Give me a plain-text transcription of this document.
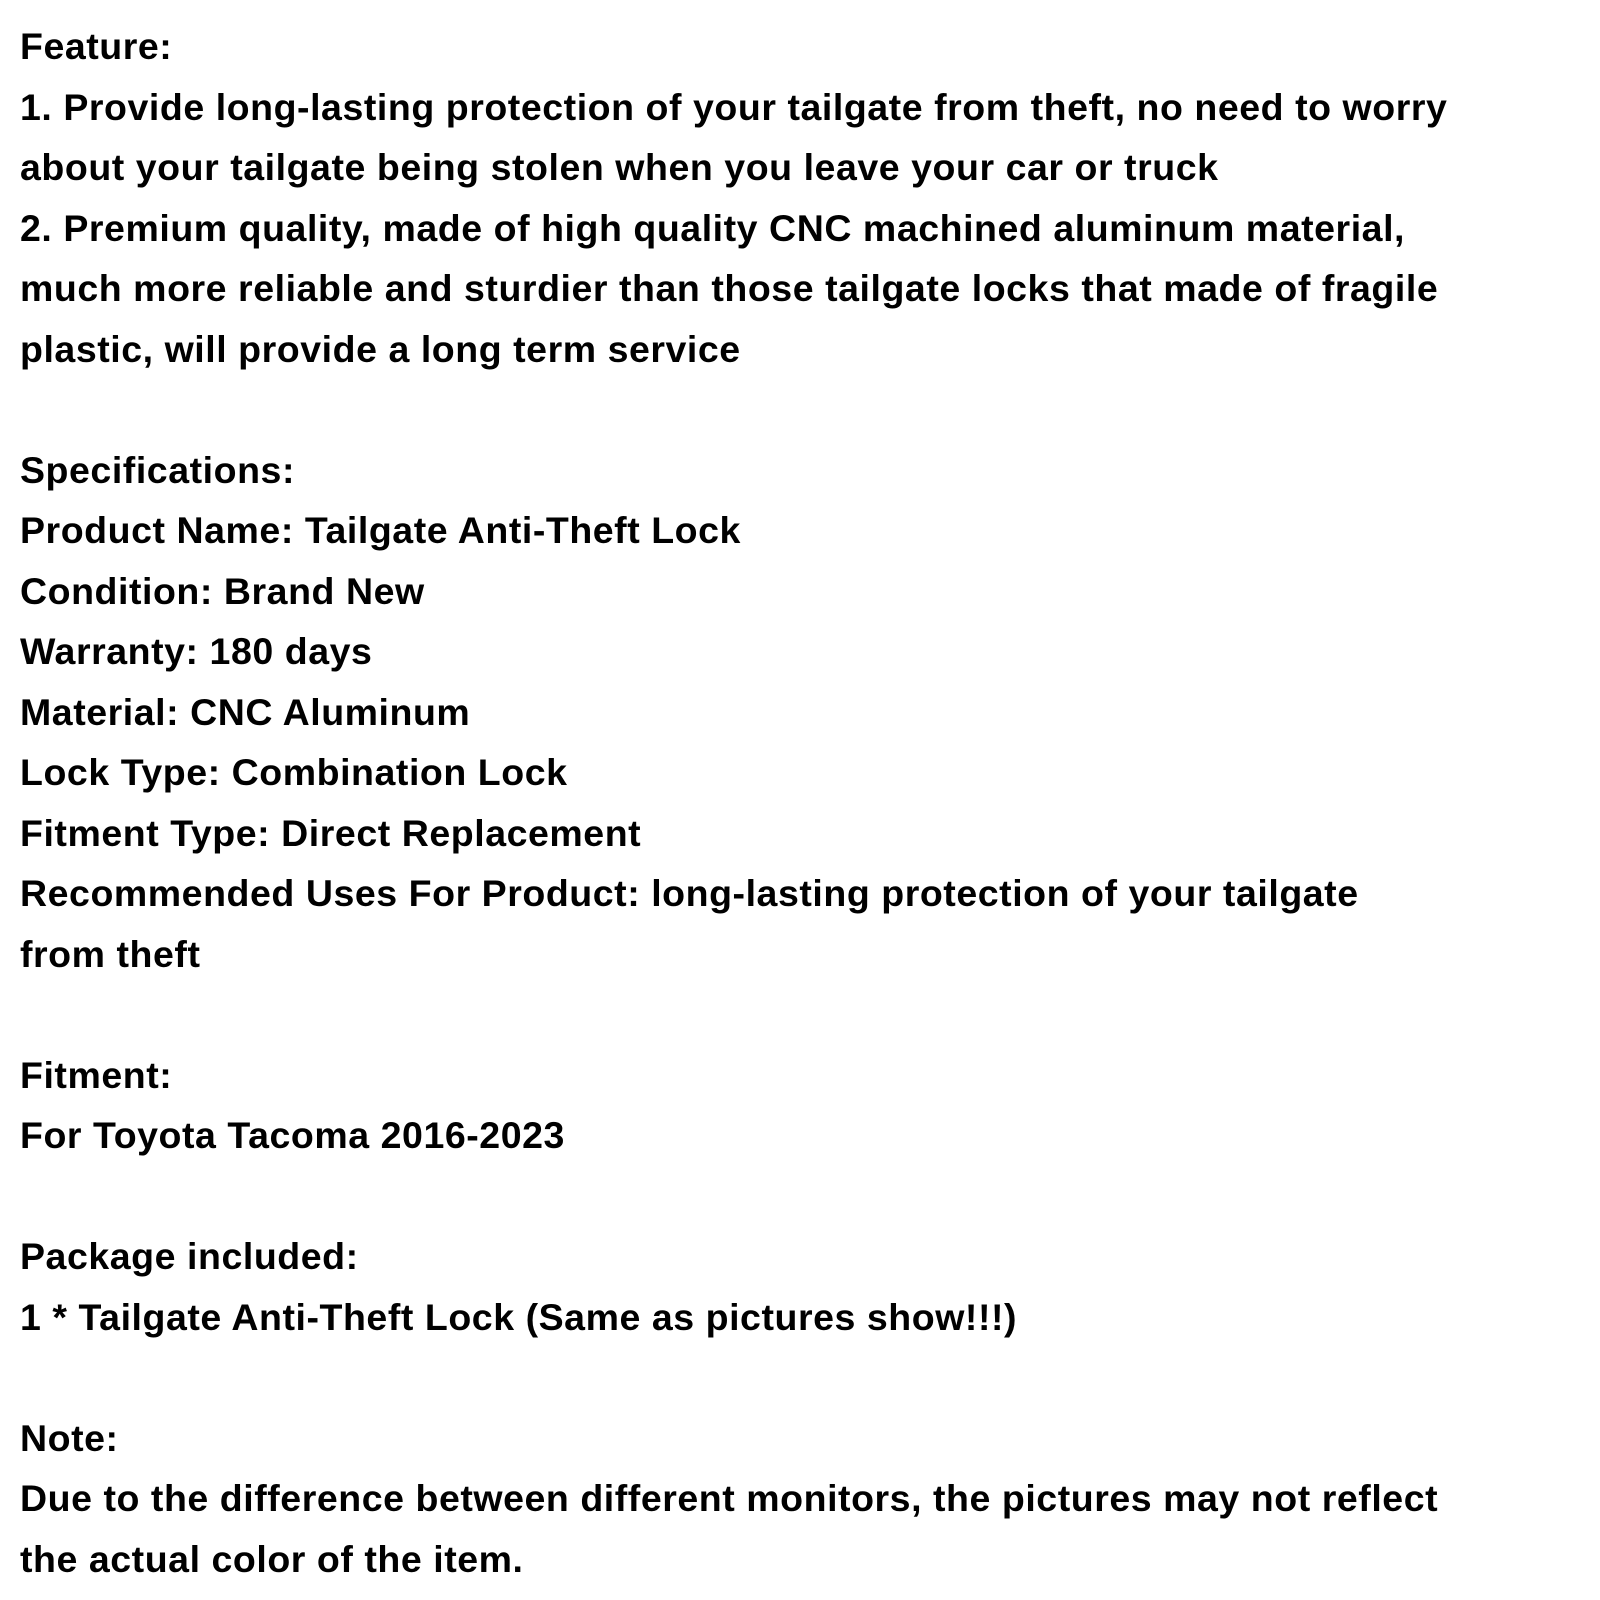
Feature:
1. Provide long-lasting protection of your tailgate from theft, no need to worry
about your tailgate being stolen when you leave your car or truck
2. Premium quality, made of high quality CNC machined aluminum material,
much more reliable and sturdier than those tailgate locks that made of fragile
plastic, will provide a long term service
Specifications:
Product Name: Tailgate Anti-Theft Lock
Condition: Brand New
Warranty: 180 days
Material: CNC Aluminum
Lock Type: Combination Lock
Fitment Type: Direct Replacement
Recommended Uses For Product: long-lasting protection of your tailgate
from theft
Fitment:
For Toyota Tacoma 2016-2023
Package included:
1 * Tailgate Anti-Theft Lock (Same as pictures show!!!)
Note:
Due to the difference between different monitors, the pictures may not reflect
the actual color of the item.
